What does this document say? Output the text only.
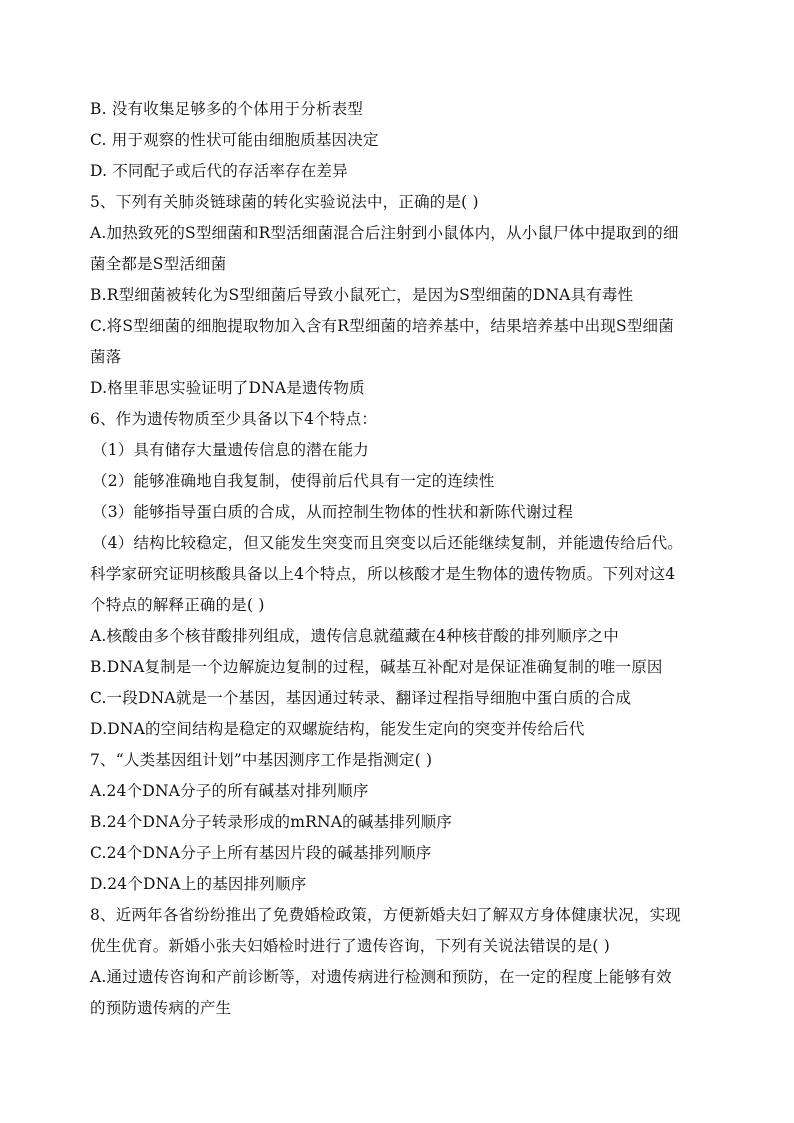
B. 没有收集足够多的个体用于分析表型
C. 用于观察的性状可能由细胞质基因决定
D. 不同配子或后代的存活率存在差异
5、下列有关肺炎链球菌的转化实验说法中，正确的是( )
A.加热致死的S型细菌和R型活细菌混合后注射到小鼠体内，从小鼠尸体中提取到的细
菌全都是S型活细菌
B.R型细菌被转化为S型细菌后导致小鼠死亡，是因为S型细菌的DNA具有毒性
C.将S型细菌的细胞提取物加入含有R型细菌的培养基中，结果培养基中出现S型细菌
菌落
D.格里菲思实验证明了DNA是遗传物质
6、作为遗传物质至少具备以下4个特点：
（1）具有储存大量遗传信息的潜在能力
（2）能够准确地自我复制，使得前后代具有一定的连续性
（3）能够指导蛋白质的合成，从而控制生物体的性状和新陈代谢过程
（4）结构比较稳定，但又能发生突变而且突变以后还能继续复制，并能遗传给后代。
科学家研究证明核酸具备以上4个特点，所以核酸才是生物体的遗传物质。下列对这4
个特点的解释正确的是( )
A.核酸由多个核苷酸排列组成，遗传信息就蕴藏在4种核苷酸的排列顺序之中
B.DNA复制是一个边解旋边复制的过程，碱基互补配对是保证准确复制的唯一原因
C.一段DNA就是一个基因，基因通过转录、翻译过程指导细胞中蛋白质的合成
D.DNA的空间结构是稳定的双螺旋结构，能发生定向的突变并传给后代
7、“人类基因组计划”中基因测序工作是指测定( )
A.24个DNA分子的所有碱基对排列顺序
B.24个DNA分子转录形成的mRNA的碱基排列顺序
C.24个DNA分子上所有基因片段的碱基排列顺序
D.24个DNA上的基因排列顺序
8、近两年各省纷纷推出了免费婚检政策，方便新婚夫妇了解双方身体健康状况，实现
优生优育。新婚小张夫妇婚检时进行了遗传咨询，下列有关说法错误的是( )
A.通过遗传咨询和产前诊断等，对遗传病进行检测和预防，在一定的程度上能够有效
的预防遗传病的产生
